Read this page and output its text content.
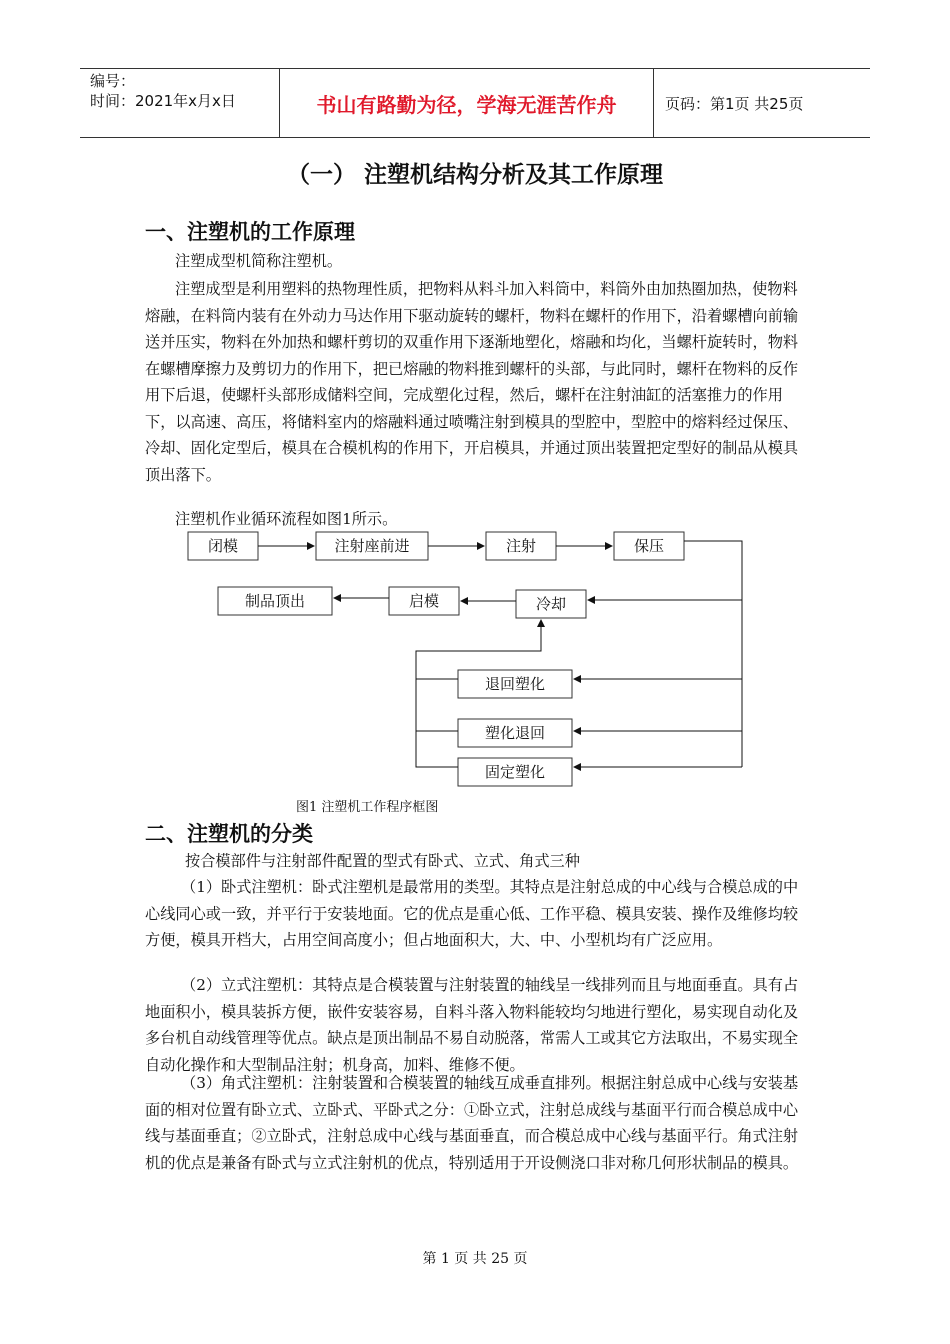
编号：
时间：2021年x月x日	书山有路勤为径，学海无涯苦作舟	页码：第1页 共25页
（一） 注塑机结构分析及其工作原理
一、注塑机的工作原理
注塑成型机简称注塑机。
注塑成型是利用塑料的热物理性质，把物料从料斗加入料筒中，料筒外由加热圈加热，使物料熔融，在料筒内装有在外动力马达作用下驱动旋转的螺杆，物料在螺杆的作用下，沿着螺槽向前输送并压实，物料在外加热和螺杆剪切的双重作用下逐渐地塑化，熔融和均化，当螺杆旋转时，物料在螺槽摩擦力及剪切力的作用下，把已熔融的物料推到螺杆的头部，与此同时，螺杆在物料的反作用下后退，使螺杆头部形成储料空间，完成塑化过程，然后，螺杆在注射油缸的活塞推力的作用下，以高速、高压，将储料室内的熔融料通过喷嘴注射到模具的型腔中，型腔中的熔料经过保压、冷却、固化定型后，模具在合模机构的作用下，开启模具，并通过顶出装置把定型好的制品从模具顶出落下。
注塑机作业循环流程如图1所示。
闭模	注射座前进	注射	保压
制品顶出	启模	冷却
退回塑化
塑化退回
固定塑化
图1 注塑机工作程序框图
二、注塑机的分类
按合模部件与注射部件配置的型式有卧式、立式、角式三种
（1）卧式注塑机：卧式注塑机是最常用的类型。其特点是注射总成的中心线与合模总成的中心线同心或一致，并平行于安装地面。它的优点是重心低、工作平稳、模具安装、操作及维修均较方便，模具开档大，占用空间高度小；但占地面积大，大、中、小型机均有广泛应用。
（2）立式注塑机：其特点是合模装置与注射装置的轴线呈一线排列而且与地面垂直。具有占地面积小，模具装拆方便，嵌件安装容易，自料斗落入物料能较均匀地进行塑化，易实现自动化及多台机自动线管理等优点。缺点是顶出制品不易自动脱落，常需人工或其它方法取出，不易实现全自动化操作和大型制品注射；机身高，加料、维修不便。
（3）角式注塑机：注射装置和合模装置的轴线互成垂直排列。根据注射总成中心线与安装基面的相对位置有卧立式、立卧式、平卧式之分：①卧立式，注射总成线与基面平行而合模总成中心线与基面垂直；②立卧式，注射总成中心线与基面垂直，而合模总成中心线与基面平行。角式注射机的优点是兼备有卧式与立式注射机的优点，特别适用于开设侧浇口非对称几何形状制品的模具。
第 1 页 共 25 页
